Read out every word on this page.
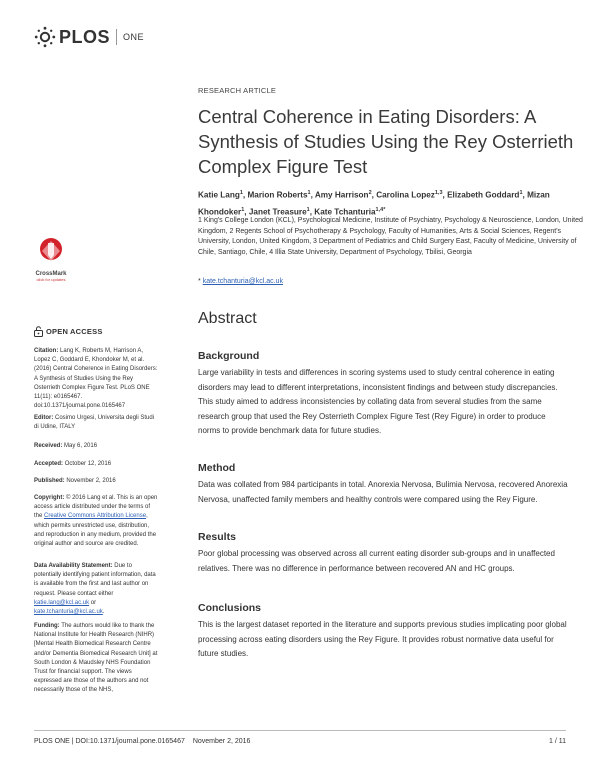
PLOS ONE
RESEARCH ARTICLE
Central Coherence in Eating Disorders: A Synthesis of Studies Using the Rey Osterrieth Complex Figure Test
Katie Lang$^1$, Marion Roberts$^1$, Amy Harrison$^2$, Carolina Lopez$^{1,3}$, Elizabeth Goddard$^1$, Mizan Khondoker$^1$, Janet Treasure$^1$, Kate Tchanturia$^{1,4*}$
1 King's College London (KCL), Psychological Medicine, Institute of Psychiatry, Psychology & Neuroscience, London, United Kingdom, 2 Regents School of Psychotherapy & Psychology, Faculty of Humanities, Arts & Social Sciences, Regent's University, London, United Kingdom, 3 Department of Pediatrics and Child Surgery East, Faculty of Medicine, University of Chile, Santiago, Chile, 4 Illia State University, Department of Psychology, Tbilisi, Georgia
* kate.tchanturia@kcl.ac.uk
Abstract
Background

Large variability in tests and differences in scoring systems used to study central coherence in eating disorders may lead to different interpretations, inconsistent findings and between study discrepancies. This study aimed to address inconsistencies by collating data from several studies from the same research group that used the Rey Osterrieth Complex Figure Test (Rey Figure) in order to produce norms to provide benchmark data for future studies.

Method

Data was collated from 984 participants in total. Anorexia Nervosa, Bulimia Nervosa, recovered Anorexia Nervosa, unaffected family members and healthy controls were compared using the Rey Figure.

Results

Poor global processing was observed across all current eating disorder sub-groups and in unaffected relatives. There was no difference in performance between recovered AN and HC groups.

Conclusions

This is the largest dataset reported in the literature and supports previous studies implicating poor global processing across eating disorders using the Rey Figure. It provides robust normative data useful for future studies.

CrossMark
click for updates
OPEN ACCESS
Citation: Lang K, Roberts M, Harrison A, Lopez C, Goddard E, Khondoker M, et al. (2016) Central Coherence in Eating Disorders: A Synthesis of Studies Using the Rey Osterrieth Complex Figure Test. PLoS ONE 11(11): e0165467. doi:10.1371/journal.pone.0165467
Editor: Cosimo Urgesi, Universita degli Studi di Udine, ITALY
Received: May 6, 2016
Accepted: October 12, 2016
Published: November 2, 2016
Copyright: © 2016 Lang et al. This is an open access article distributed under the terms of the Creative Commons Attribution License, which permits unrestricted use, distribution, and reproduction in any medium, provided the original author and source are credited.
Data Availability Statement: Due to potentially identifying patient information, data is available from the first and last author on request. Please contact either katie.lang@kcl.ac.uk or kate.tchanturia@kcl.ac.uk.
Funding: The authors would like to thank the National Institute for Health Research (NIHR) [Mental Health Biomedical Research Centre and/or Dementia Biomedical Research Unit] at South London & Maudsley NHS Foundation Trust for financial support. The views expressed are those of the authors and not necessarily those of the NHS,
PLOS ONE | DOI:10.1371/journal.pone.0165467 November 2, 2016	1 / 11
